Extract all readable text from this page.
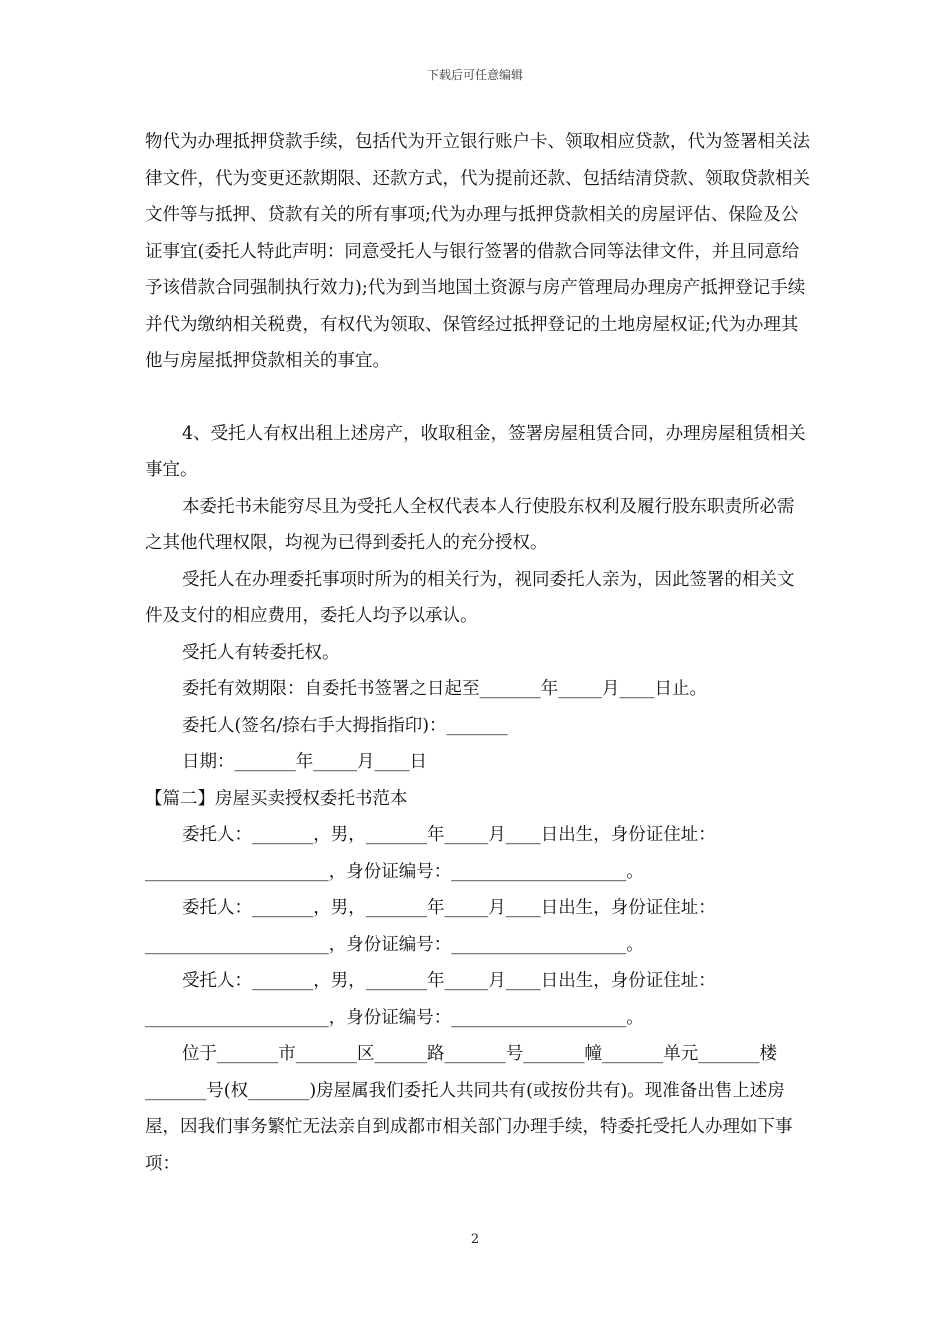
下载后可任意编辑

物代为办理抵押贷款手续，包括代为开立银行账户卡、领取相应贷款，代为签署相关法律文件，代为变更还款期限、还款方式，代为提前还款、包括结清贷款、领取贷款相关文件等与抵押、贷款有关的所有事项;代为办理与抵押贷款相关的房屋评估、保险及公证事宜(委托人特此声明：同意受托人与银行签署的借款合同等法律文件，并且同意给予该借款合同强制执行效力);代为到当地国土资源与房产管理局办理房产抵押登记手续并代为缴纳相关税费，有权代为领取、保管经过抵押登记的土地房屋权证;代为办理其他与房屋抵押贷款相关的事宜。

4、受托人有权出租上述房产，收取租金，签署房屋租赁合同，办理房屋租赁相关事宜。

本委托书未能穷尽且为受托人全权代表本人行使股东权利及履行股东职责所必需之其他代理权限，均视为已得到委托人的充分授权。

受托人在办理委托事项时所为的相关行为，视同委托人亲为，因此签署的相关文件及支付的相应费用，委托人均予以承认。

受托人有转委托权。

委托有效期限：自委托书签署之日起至_______年_____月____日止。

委托人(签名/捺右手大拇指指印)：_______

日期：_______年_____月____日

【篇二】房屋买卖授权委托书范本

委托人：_______，男，_______年_____月____日出生，身份证住址：_____________________，身份证编号：____________________。

委托人：_______，男，_______年_____月____日出生，身份证住址：_____________________，身份证编号：____________________。

受托人：_______，男，_______年_____月____日出生，身份证住址：_____________________，身份证编号：____________________。

位于_______市_______区______路_______号_______幢_______单元_______楼_______号(权_______)房屋属我们委托人共同共有(或按份共有)。现准备出售上述房屋，因我们事务繁忙无法亲自到成都市相关部门办理手续，特委托受托人办理如下事项：

2
